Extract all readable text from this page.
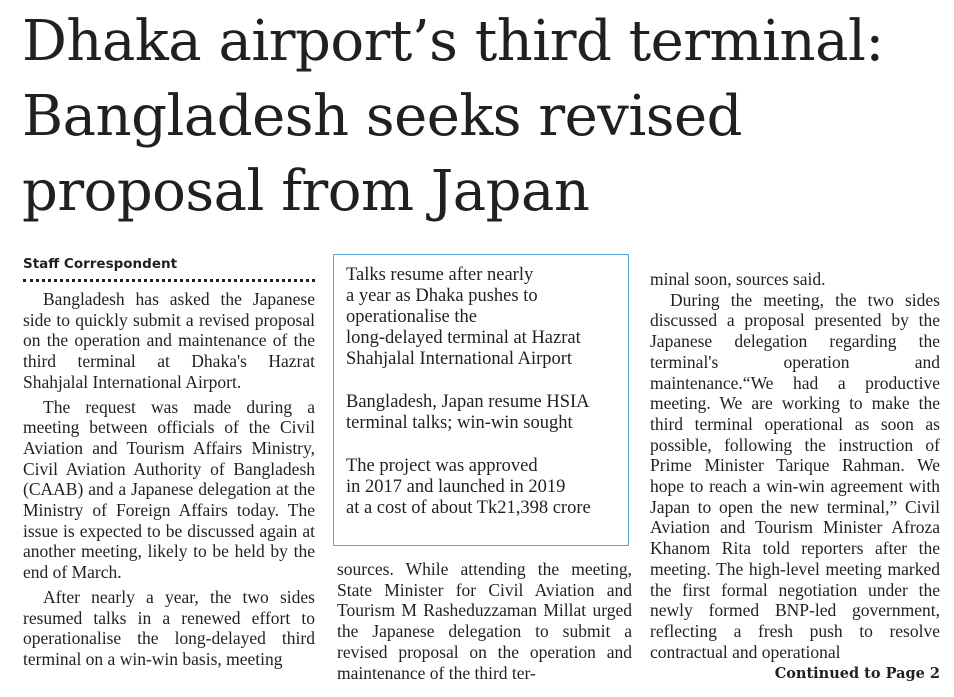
Dhaka airport’s third terminal:
Bangladesh seeks revised
proposal from Japan
Staff Correspondent

Bangladesh has asked the Japanese side to quickly submit a revised proposal on the operation and maintenance of the third terminal at Dhaka's Hazrat Shahjalal International Airport.

The request was made during a meeting between officials of the Civil Aviation and Tourism Affairs Ministry, Civil Aviation Authority of Bangladesh (CAAB) and a Japanese delegation at the Ministry of Foreign Affairs today. The issue is expected to be discussed again at another meeting, likely to be held by the end of March.

After nearly a year, the two sides resumed talks in a renewed effort to operationalise the long-delayed third terminal on a win-win basis, meeting

Talks resume after nearly
a year as Dhaka pushes to
operationalise the
long-delayed terminal at Hazrat
Shahjalal International Airport

Bangladesh, Japan resume HSIA
terminal talks; win-win sought

The project was approved
in 2017 and launched in 2019
at a cost of about Tk21,398 crore

sources. While attending the meeting, State Minister for Civil Aviation and Tourism M Rasheduzzaman Millat urged the Japanese delegation to submit a revised proposal on the operation and maintenance of the third ter-

minal soon, sources said.

During the meeting, the two sides discussed a proposal presented by the Japanese delegation regarding the terminal's operation and maintenance.“We had a productive meeting. We are working to make the third terminal operational as soon as possible, following the instruction of Prime Minister Tarique Rahman. We hope to reach a win-win agreement with Japan to open the new terminal,” Civil Aviation and Tourism Minister Afroza Khanom Rita told reporters after the meeting. The high-level meeting marked the first formal negotiation under the newly formed BNP-led government, reflecting a fresh push to resolve contractual and operational

Continued to Page 2
